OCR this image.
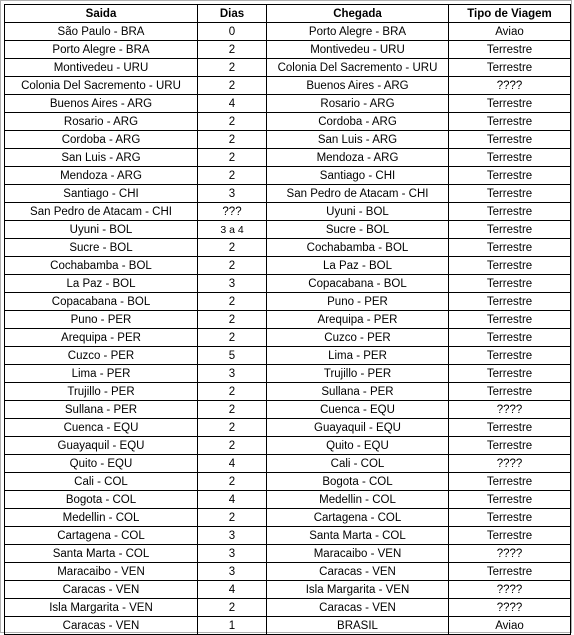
Saida	Dias	Chegada	Tipo de Viagem
São Paulo - BRA	0	Porto Alegre - BRA	Aviao
Porto Alegre - BRA	2	Montivedeu - URU	Terrestre
Montivedeu - URU	2	Colonia Del Sacremento - URU	Terrestre
Colonia Del Sacremento - URU	2	Buenos Aires - ARG	????
Buenos Aires - ARG	4	Rosario - ARG	Terrestre
Rosario - ARG	2	Cordoba - ARG	Terrestre
Cordoba - ARG	2	San Luis - ARG	Terrestre
San Luis - ARG	2	Mendoza - ARG	Terrestre
Mendoza - ARG	2	Santiago - CHI	Terrestre
Santiago - CHI	3	San Pedro de Atacam - CHI	Terrestre
San Pedro de Atacam - CHI	???	Uyuni - BOL	Terrestre
Uyuni - BOL	3 a 4	Sucre - BOL	Terrestre
Sucre - BOL	2	Cochabamba - BOL	Terrestre
Cochabamba - BOL	2	La Paz - BOL	Terrestre
La Paz - BOL	3	Copacabana - BOL	Terrestre
Copacabana - BOL	2	Puno - PER	Terrestre
Puno - PER	2	Arequipa - PER	Terrestre
Arequipa - PER	2	Cuzco - PER	Terrestre
Cuzco - PER	5	Lima - PER	Terrestre
Lima - PER	3	Trujillo - PER	Terrestre
Trujillo - PER	2	Sullana - PER	Terrestre
Sullana - PER	2	Cuenca - EQU	????
Cuenca - EQU	2	Guayaquil - EQU	Terrestre
Guayaquil - EQU	2	Quito - EQU	Terrestre
Quito - EQU	4	Cali - COL	????
Cali - COL	2	Bogota - COL	Terrestre
Bogota - COL	4	Medellin - COL	Terrestre
Medellin - COL	2	Cartagena - COL	Terrestre
Cartagena - COL	3	Santa Marta - COL	Terrestre
Santa Marta - COL	3	Maracaibo - VEN	????
Maracaibo - VEN	3	Caracas - VEN	Terrestre
Caracas - VEN	4	Isla Margarita - VEN	????
Isla Margarita - VEN	2	Caracas - VEN	????
Caracas - VEN	1	BRASIL	Aviao
